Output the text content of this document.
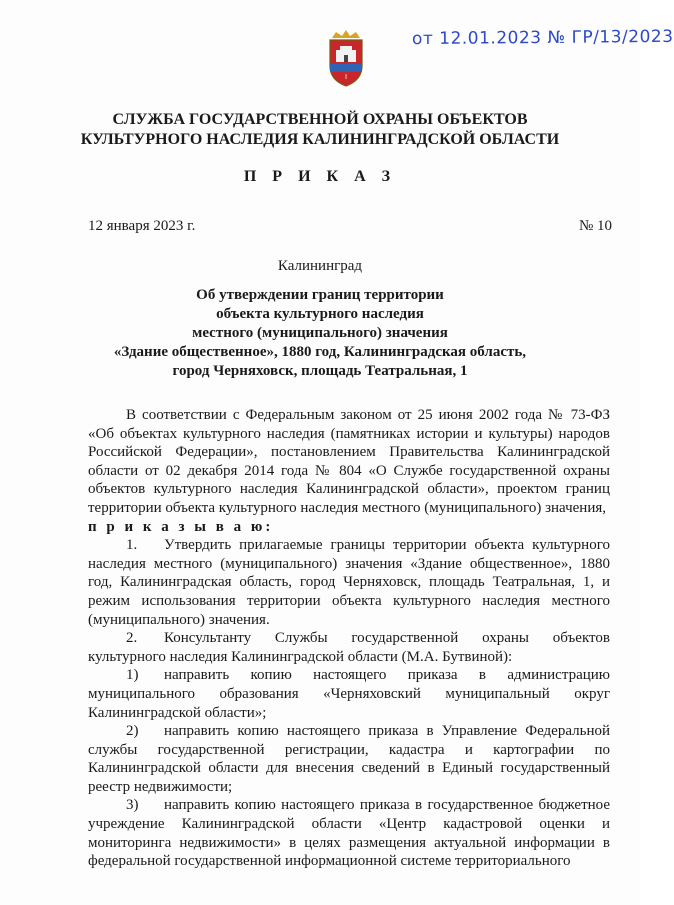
от 12.01.2023 № ГР/13/2023
I
СЛУЖБА ГОСУДАРСТВЕННОЙ ОХРАНЫ ОБЪЕКТОВ
КУЛЬТУРНОГО НАСЛЕДИЯ КАЛИНИНГРАДСКОЙ ОБЛАСТИ
П Р И К А З
12 января 2023 г.	№ 10
Калининград
Об утверждении границ территории
объекта культурного наследия
местного (муниципального) значения
«Здание общественное», 1880 год, Калининградская область,
город Черняховск, площадь Театральная, 1

В соответствии с Федеральным законом от 25 июня 2002 года № 73-ФЗ «Об объектах культурного наследия (памятниках истории и культуры) народов Российской Федерации», постановлением Правительства Калининградской области от 02 декабря 2014 года № 804 «О Службе государственной охраны объектов культурного наследия Калининградской области», проектом границ территории объекта культурного наследия местного (муниципального) значения,

п р и к а з ы в а ю:

1. Утвердить прилагаемые границы территории объекта культурного наследия местного (муниципального) значения «Здание общественное», 1880 год, Калининградская область, город Черняховск, площадь Театральная, 1, и режим использования территории объекта культурного наследия местного (муниципального) значения.

2. Консультанту Службы государственной охраны объектов культурного наследия Калининградской области (М.А. Бутвиной):

1) направить копию настоящего приказа в администрацию муниципального образования «Черняховский муниципальный округ Калининградской области»;

2) направить копию настоящего приказа в Управление Федеральной службы государственной регистрации, кадастра и картографии по Калининградской области для внесения сведений в Единый государственный реестр недвижимости;

3) направить копию настоящего приказа в государственное бюджетное учреждение Калининградской области «Центр кадастровой оценки и мониторинга недвижимости» в целях размещения актуальной информации в федеральной государственной информационной системе территориального
